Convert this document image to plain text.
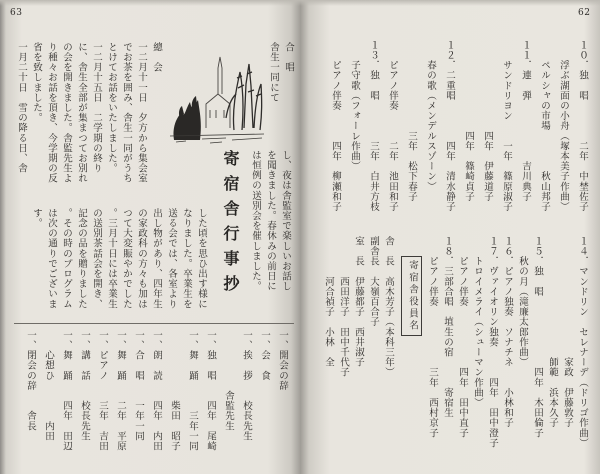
63
總　会
一二月十一日　夕方から集会室
でお茶を囲み、舎生一同がうち
とけてお話をいたしました。
一二月十五日　二学期の終り
に、舎生全部が集まつてお別れ
の会を開きました。舎監先生よ
り種々お話を頂き、今学期の反
省を致しました。
一月二十日　雪の降る日、舎	合　唱
舎生一同にて
寄宿舎行事抄	し、夜は舎監室で楽しいお話し
を聞きました。春休みの前日に
は恒例の送別会を催しました。
した頃を思ひ出す様に
なりました。卒業生を
送る会では、各室より
出し物があり、四年生
の家政科の方々も加は
つて大変賑やかでした
。三月十日には卒業生
の送別茶話会を開き、
記念の品を贈りました
。その時のプログラム
は次の通りでございま
す。
一、開会の辞
一、会　食
一、挨　拶　　校長先生
　　　　　　舎監先生
一、独　唱　　四年　尾崎
一、舞　踊　　　三年一同
　　　　　　　柴田　昭子
一、朗　読　　四年　内田
一、合　唱　　一年一同
一、舞　踊　　二年　平原
一、ピアノ　　三年　吉田
一、講　話　　校長先生
一、舞　踊　　四年　田辺
　　心想ひ　　　　内田
一、閉会の辞　　舎長
62
１０．独　唱　　　　二年　中埜佐子
　　浮ぶ湖面の小舟（塚本美子作曲）
　　ペルシャの市場　　　　秋山邦子
１１．連　弾　　　　　　吉川典子
　　サンドリヨン　　一年　篠原淑子
　　　　　　　　　四年　伊藤道子
　　　　　　　　　四年　篠崎貞子
１２．二重唱　　　　四年　清水静子
　　春の歌（メンデルスゾーン）
　　　　　　　　　三年　松下春子
　　ピアノ伴奏　　　二年　池田和子
１３．独　唱　　　　三年　白井方枝
　　子守歌（フォーレ作曲）
　　ピアノ伴奏　　　四年　柳瀬和子
１４．マンドリン　セレナーデ（ドリゴ作曲）
　　　　　　　　　　　　家政　伊藤敦子
　　　　　　　　　　　　師範　浜本久子
１５．独　唱　　　　　　　四年　木田倫子
　　秋の月（滝廉太郎作曲）
１６．ピアノ独奏　ソナチネ　　小林和子
１７．ヴァイオリン独奏　　　四年　田中澄子
　　トロイメライ（シューマン作曲）
　　ピアノ伴奏　　　　　　四年　田中直子
１８．三部合唱　埴生の宿　　　寄宿生
　　ピアノ伴奏　　　　　　三年　西村京子
寄宿舎役員名
舎　長　高木芳子（本科三年）
副舎長　大嶺百合子
室　長　伊藤都子　西井淑子
　　　　西田洋子　田中千代子
　　　　河合禎子　小林　全
